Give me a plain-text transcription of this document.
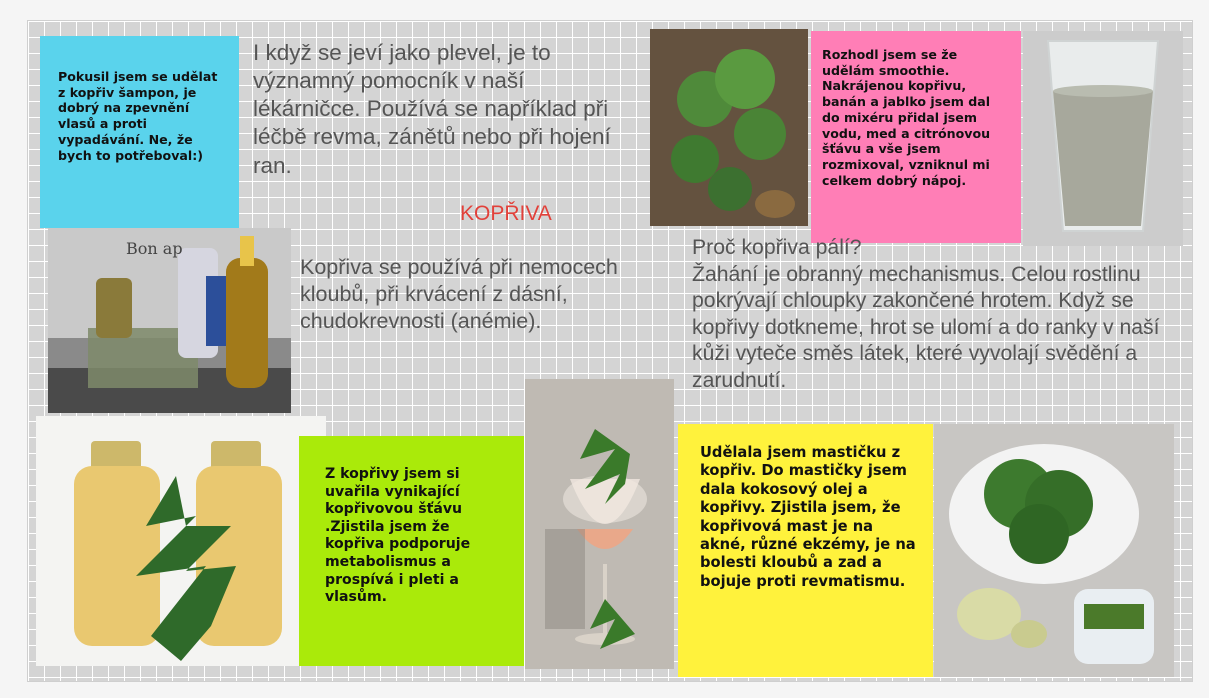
Pokusil jsem se udělat z kopřiv šampon, je dobrý na zpevnění vlasů a proti vypadávání. Ne, že bych to potřeboval:)
I když se jeví jako plevel, je to významný pomocník v naší lékárničce. Používá se například při léčbě revma, zánětů nebo při hojení ran.
KOPŘIVA
Bon ap
Kopřiva se používá při nemocech kloubů, při krvácení z dásní, chudokrevnosti (anémie).
Z kopřivy jsem si uvařila vynikající kopřivovou šťávu .Zjistila jsem že kopřiva podporuje metabolismus a prospívá i pleti a vlasům.
Rozhodl jsem se že udělám smoothie. Nakrájenou kopřivu, banán a jablko jsem dal do mixéru přidal jsem vodu, med a citrónovou šťávu a vše jsem rozmixoval, vzniknul mi celkem dobrý nápoj.
Proč kopřiva pálí?
Žahání je obranný mechanismus. Celou rostlinu pokrývají chloupky zakončené hrotem. Když se kopřivy dotkneme, hrot se ulomí a do ranky v naší kůži vyteče směs látek, které vyvolají svědění a zarudnutí.
Udělala jsem mastičku z kopřiv. Do mastičky jsem dala kokosový olej a kopřivy. Zjistila jsem, že kopřivová mast je na akné, různé ekzémy, je na bolesti kloubů a zad a bojuje proti revmatismu.
